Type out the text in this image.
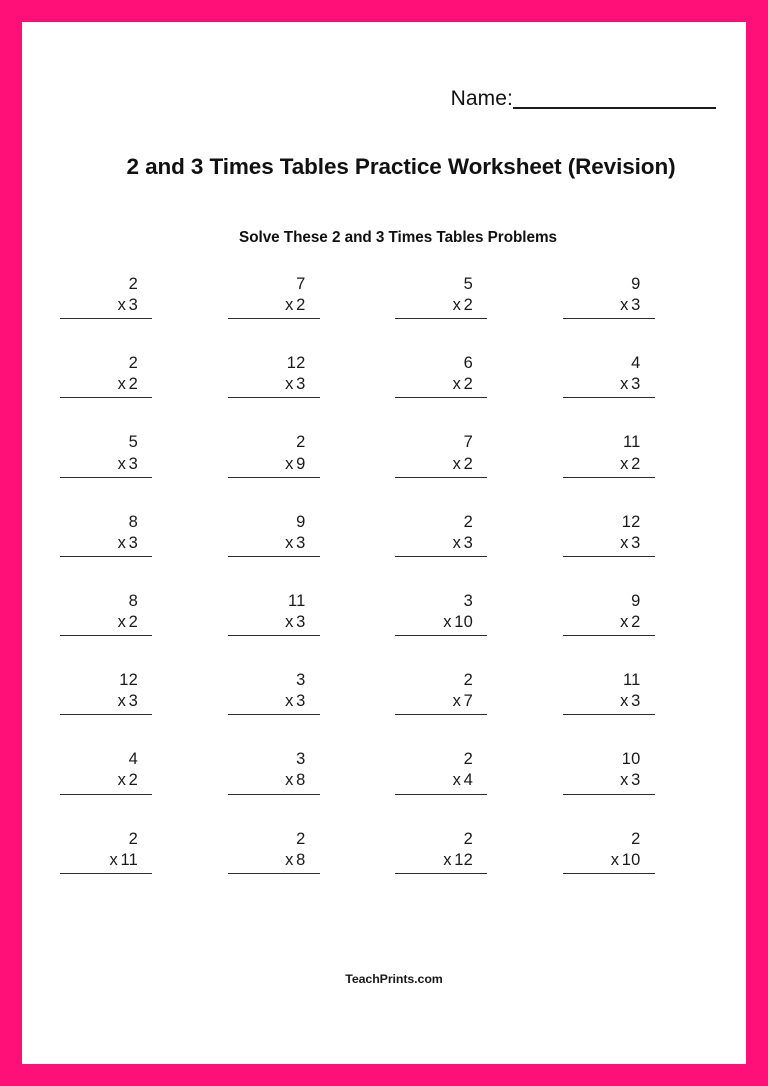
Name:
2 and 3 Times Tables Practice Worksheet (Revision)
Solve These 2 and 3 Times Tables Problems
2
x 3
7
x 2
5
x 2
9
x 3
2
x 2
12
x 3
6
x 2
4
x 3
5
x 3
2
x 9
7
x 2
11
x 2
8
x 3
9
x 3
2
x 3
12
x 3
8
x 2
11
x 3
3
x 10
9
x 2
12
x 3
3
x 3
2
x 7
11
x 3
4
x 2
3
x 8
2
x 4
10
x 3
2
x 11
2
x 8
2
x 12
2
x 10
TeachPrints.com
